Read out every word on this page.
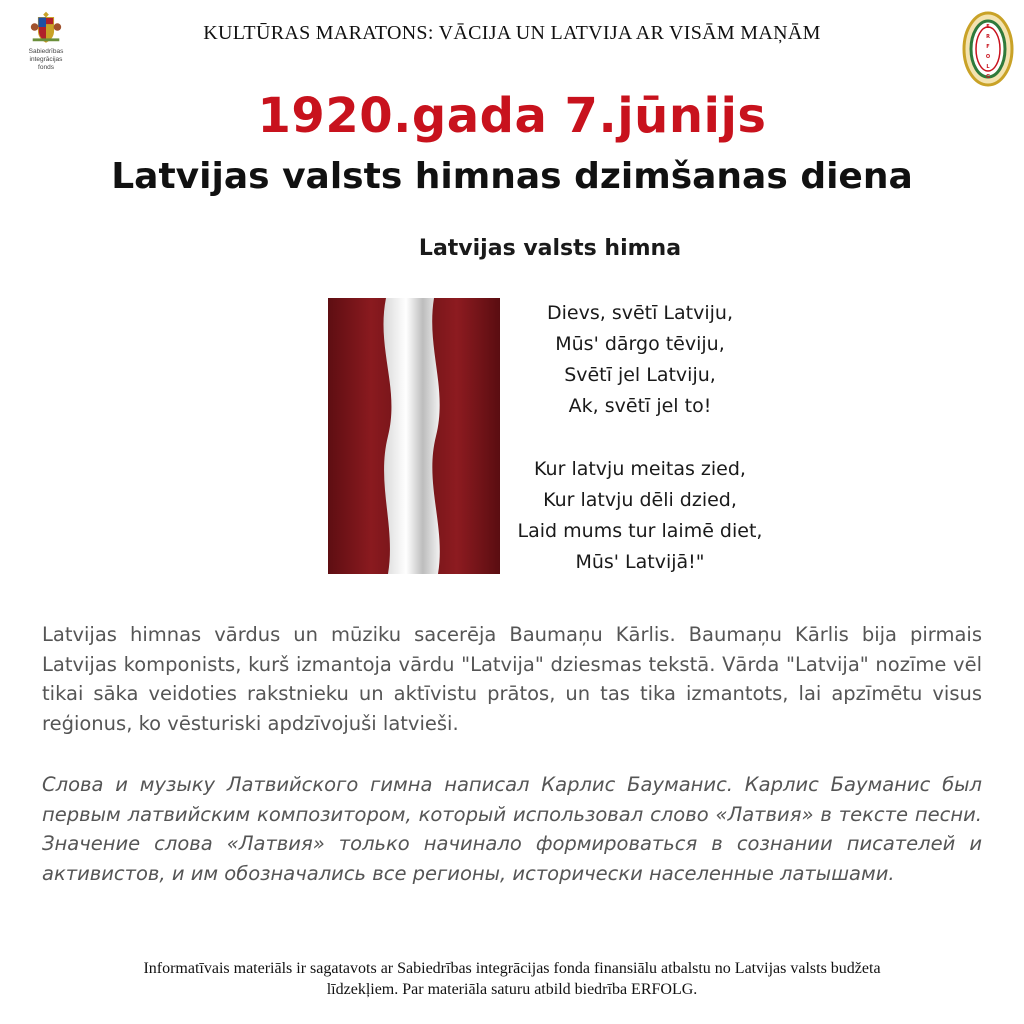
Sabiedrības integrācijas
fonds
KULTŪRAS MARATONS: VĀCIJA UN LATVIJA AR VISĀM MAŅĀM	E
R
F
O
L
G
1920.gada 7.jūnijs
Latvijas valsts himnas dzimšanas diena
Latvijas valsts himna
Dievs, svētī Latviju,
Mūs' dārgo tēviju,
Svētī jel Latviju,
Ak, svētī jel to!
Kur latvju meitas zied,
Kur latvju dēli dzied,
Laid mums tur laimē diet,
Mūs' Latvijā!"
Latvijas himnas vārdus un mūziku sacerēja Baumaņu Kārlis. Baumaņu Kārlis bija pirmais Latvijas komponists, kurš izmantoja vārdu "Latvija" dziesmas tekstā. Vārda "Latvija" nozīme vēl tikai sāka veidoties rakstnieku un aktīvistu prātos, un tas tika izmantots, lai apzīmētu visus reģionus, ko vēsturiski apdzīvojuši latvieši.
Слова и музыку Латвийского гимна написал Карлис Бауманис. Карлис Бауманис был первым латвийским композитором, который использовал слово «Латвия» в тексте песни. Значение слова «Латвия» только начинало формироваться в сознании писателей и активистов, и им обозначались все регионы, исторически населенные латышами.
Informatīvais materiāls ir sagatavots ar Sabiedrības integrācijas fonda finansiālu atbalstu no Latvijas valsts budžeta
līdzekļiem. Par materiāla saturu atbild biedrība ERFOLG.
